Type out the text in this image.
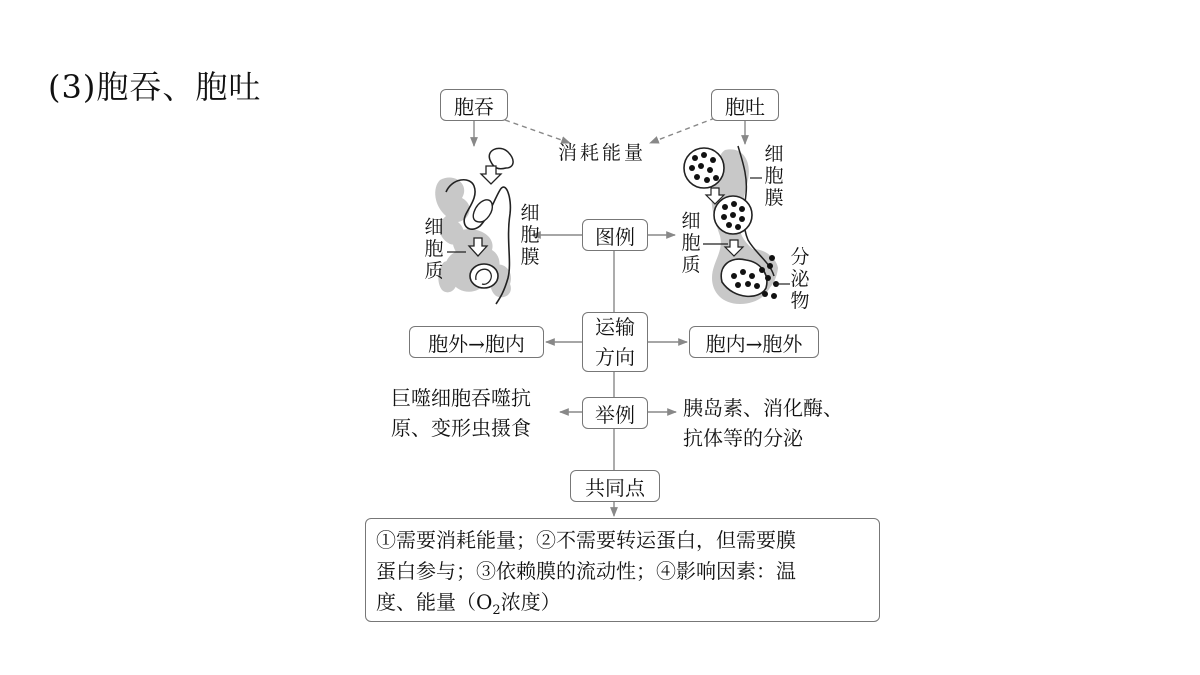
(3)胞吞、胞吐
胞吞	胞吐
消耗能量
图例
运输
方向
胞外→胞内	胞内→胞外
举例
共同点
巨噬细胞吞噬抗
原、变形虫摄食
胰岛素、消化酶、
抗体等的分泌
细
胞
质
细
胞
膜
细
胞
膜
细
胞
质	分
泌
物
①需要消耗能量；②不需要转运蛋白，但需要膜
蛋白参与；③依赖膜的流动性；④影响因素：温
度、能量（$O_2$浓度）
